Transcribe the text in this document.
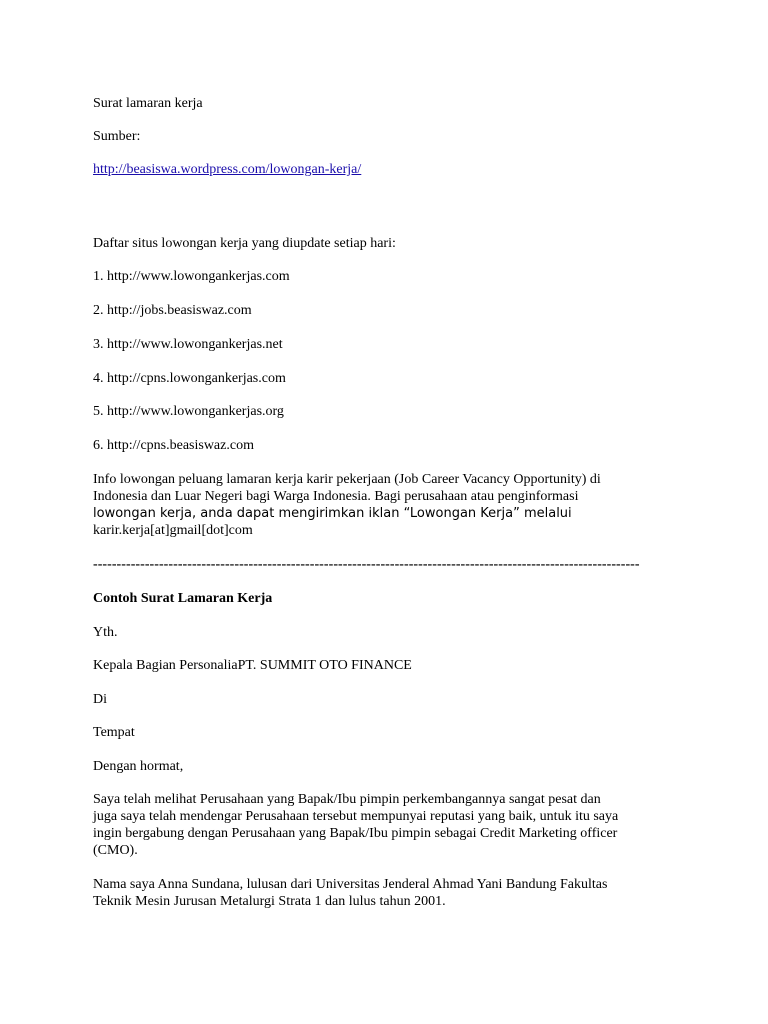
Surat lamaran kerja
Sumber:
http://beasiswa.wordpress.com/lowongan-kerja/
Daftar situs lowongan kerja yang diupdate setiap hari:
1. http://www.lowongankerjas.com
2. http://jobs.beasiswaz.com
3. http://www.lowongankerjas.net
4. http://cpns.lowongankerjas.com
5. http://www.lowongankerjas.org
6. http://cpns.beasiswaz.com
Info lowongan peluang lamaran kerja karir pekerjaan (Job Career Vacancy Opportunity) di
Indonesia dan Luar Negeri bagi Warga Indonesia. Bagi perusahaan atau penginformasi
lowongan kerja, anda dapat mengirimkan iklan “Lowongan Kerja” melalui
karir.kerja[at]gmail[dot]com
--------------------------------------------------------------------------------------------------------------------
Contoh Surat Lamaran Kerja
Yth.
Kepala Bagian PersonaliaPT. SUMMIT OTO FINANCE
Di
Tempat
Dengan hormat,
Saya telah melihat Perusahaan yang Bapak/Ibu pimpin perkembangannya sangat pesat dan
juga saya telah mendengar Perusahaan tersebut mempunyai reputasi yang baik, untuk itu saya
ingin bergabung dengan Perusahaan yang Bapak/Ibu pimpin sebagai Credit Marketing officer
(CMO).
Nama saya Anna Sundana, lulusan dari Universitas Jenderal Ahmad Yani Bandung Fakultas
Teknik Mesin Jurusan Metalurgi Strata 1 dan lulus tahun 2001.
